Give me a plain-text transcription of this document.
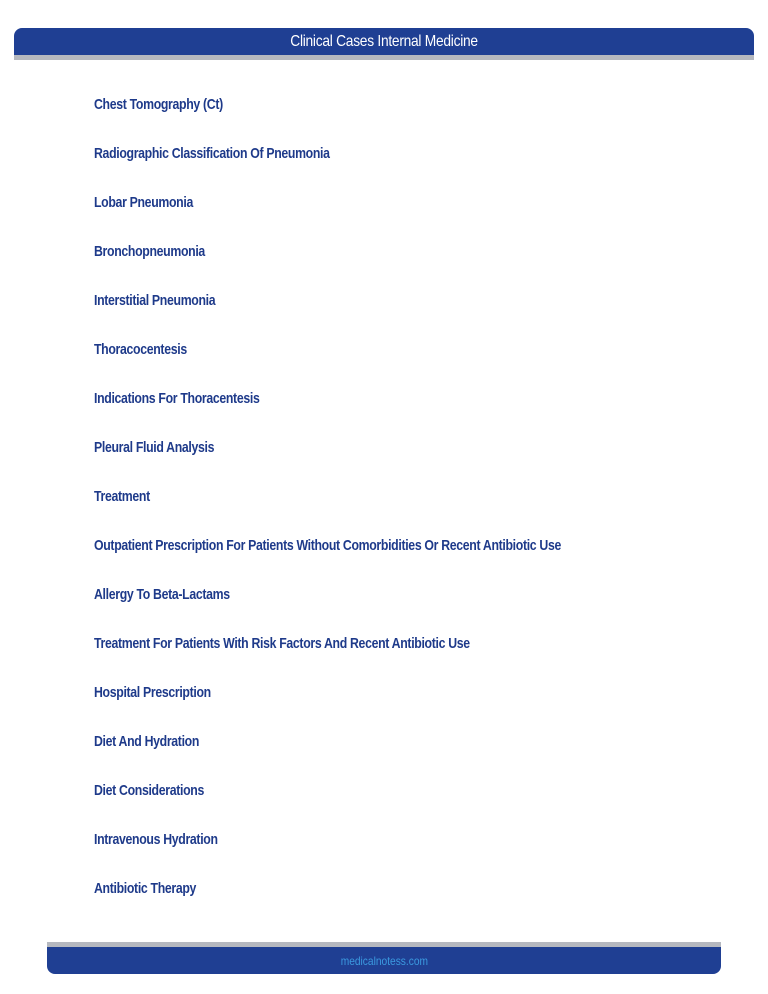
Clinical Cases Internal Medicine
Chest Tomography (Ct)
Radiographic Classification Of Pneumonia
Lobar Pneumonia
Bronchopneumonia
Interstitial Pneumonia
Thoracocentesis
Indications For Thoracentesis
Pleural Fluid Analysis
Treatment
Outpatient Prescription For Patients Without Comorbidities Or Recent Antibiotic Use
Allergy To Beta-Lactams
Treatment For Patients With Risk Factors And Recent Antibiotic Use
Hospital Prescription
Diet And Hydration
Diet Considerations
Intravenous Hydration
Antibiotic Therapy
medicalnotess.com
